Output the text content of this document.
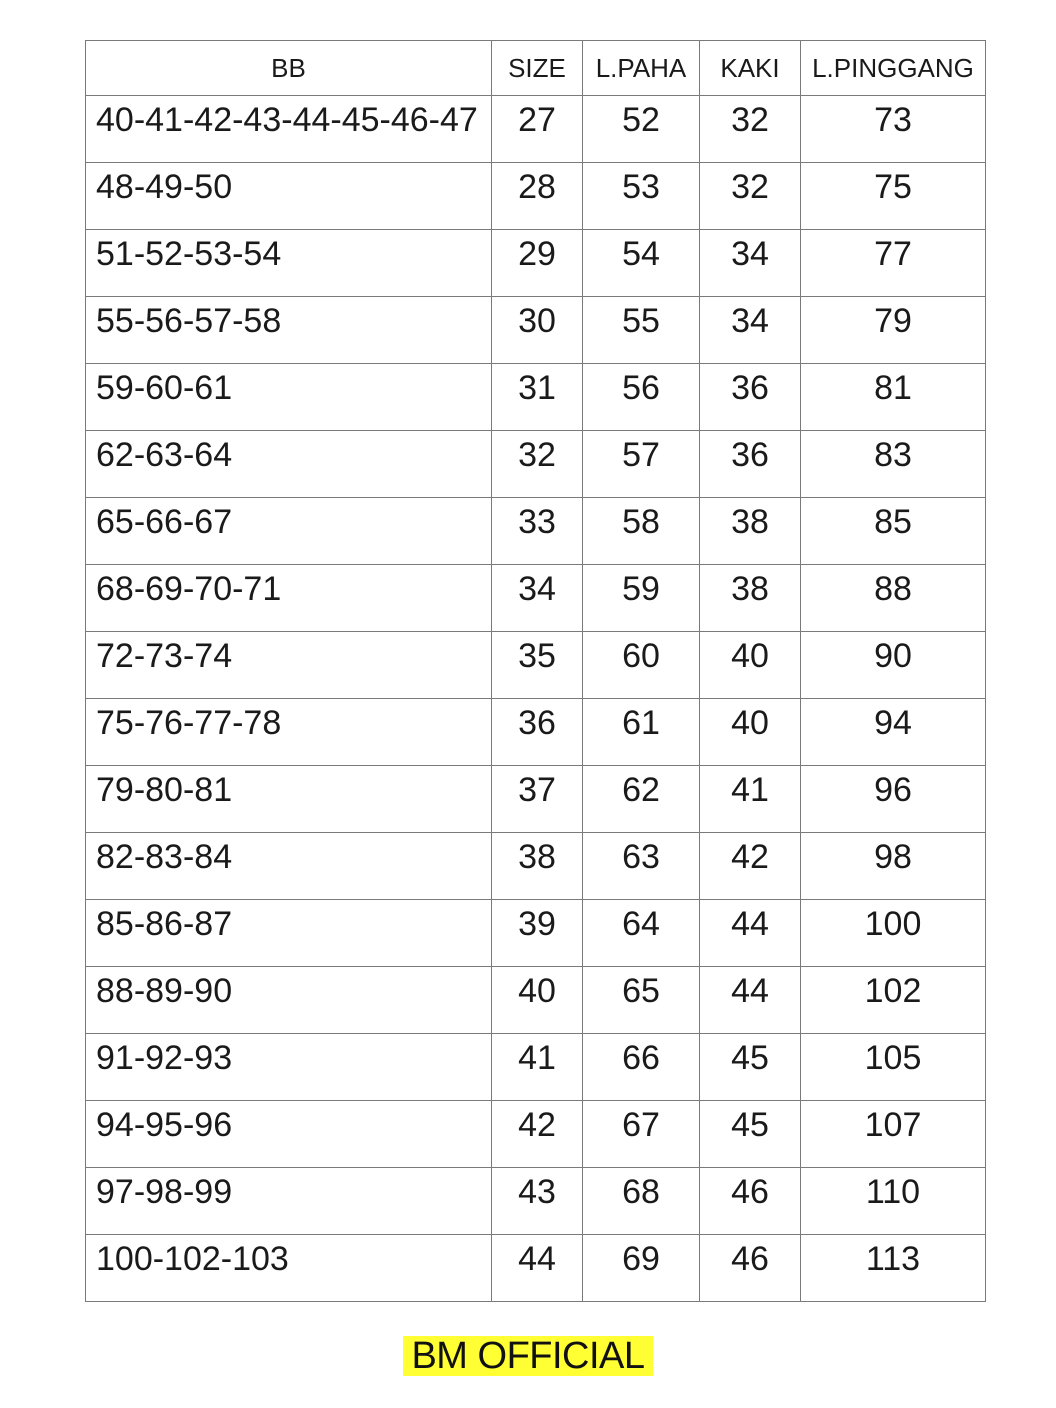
BB	SIZE	L.PAHA	KAKI	L.PINGGANG
40-41-42-43-44-45-46-47	27	52	32	73
48-49-50	28	53	32	75
51-52-53-54	29	54	34	77
55-56-57-58	30	55	34	79
59-60-61	31	56	36	81
62-63-64	32	57	36	83
65-66-67	33	58	38	85
68-69-70-71	34	59	38	88
72-73-74	35	60	40	90
75-76-77-78	36	61	40	94
79-80-81	37	62	41	96
82-83-84	38	63	42	98
85-86-87	39	64	44	100
88-89-90	40	65	44	102
91-92-93	41	66	45	105
94-95-96	42	67	45	107
97-98-99	43	68	46	110
100-102-103	44	69	46	113
BM OFFICIAL
